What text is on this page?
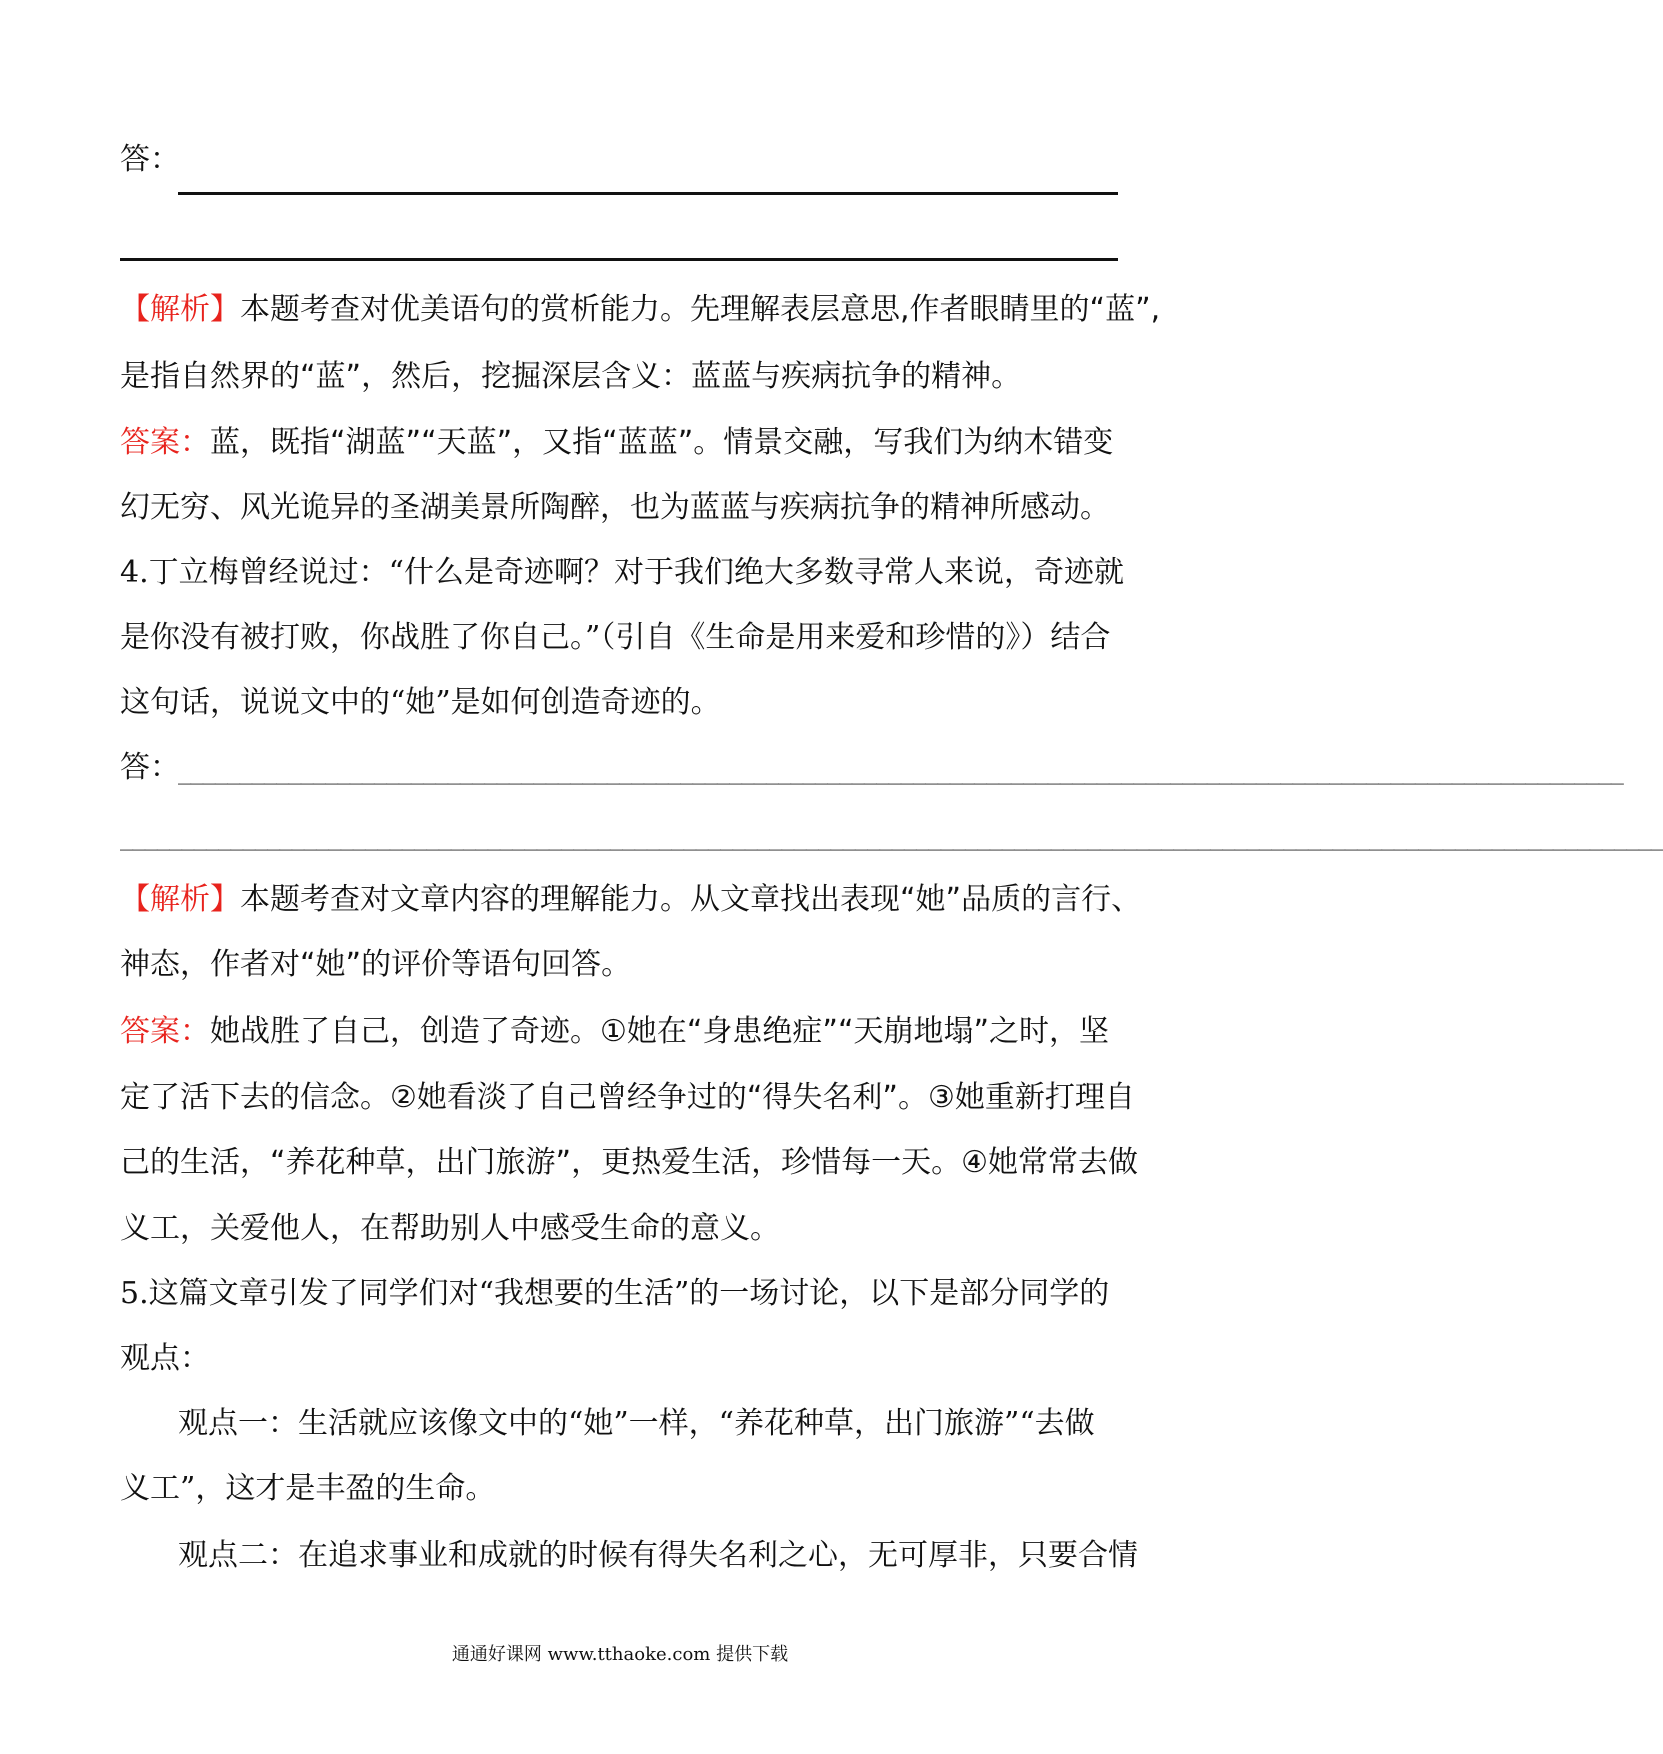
答：
【解析】本题考查对优美语句的赏析能力。先理解表层意思,作者眼睛里的“蓝”,
是指自然界的“蓝”，然后，挖掘深层含义：蓝蓝与疾病抗争的精神。
答案：蓝，既指“湖蓝”“天蓝”，又指“蓝蓝”。情景交融，写我们为纳木错变
幻无穷、风光诡异的圣湖美景所陶醉，也为蓝蓝与疾病抗争的精神所感动。
4.丁立梅曾经说过：“什么是奇迹啊？对于我们绝大多数寻常人来说，奇迹就
是你没有被打败，你战胜了你自己。”（引自《生命是用来爱和珍惜的》）结合
这句话，说说文中的“她”是如何创造奇迹的。
答：
______________________________________________________________________________________________________________________
______________________________________________________________________________________________________________________________
【解析】本题考查对文章内容的理解能力。从文章找出表现“她”品质的言行、
神态，作者对“她”的评价等语句回答。
答案：她战胜了自己，创造了奇迹。①她在“身患绝症”“天崩地塌”之时，坚
定了活下去的信念。②她看淡了自己曾经争过的“得失名利”。③她重新打理自
己的生活，“养花种草，出门旅游”，更热爱生活，珍惜每一天。④她常常去做
义工，关爱他人，在帮助别人中感受生命的意义。
5.这篇文章引发了同学们对“我想要的生活”的一场讨论，以下是部分同学的
观点：
观点一：生活就应该像文中的“她”一样，“养花种草，出门旅游”“去做
义工”，这才是丰盈的生命。
观点二：在追求事业和成就的时候有得失名利之心，无可厚非，只要合情
通通好课网 www.tthaoke.com 提供下载
